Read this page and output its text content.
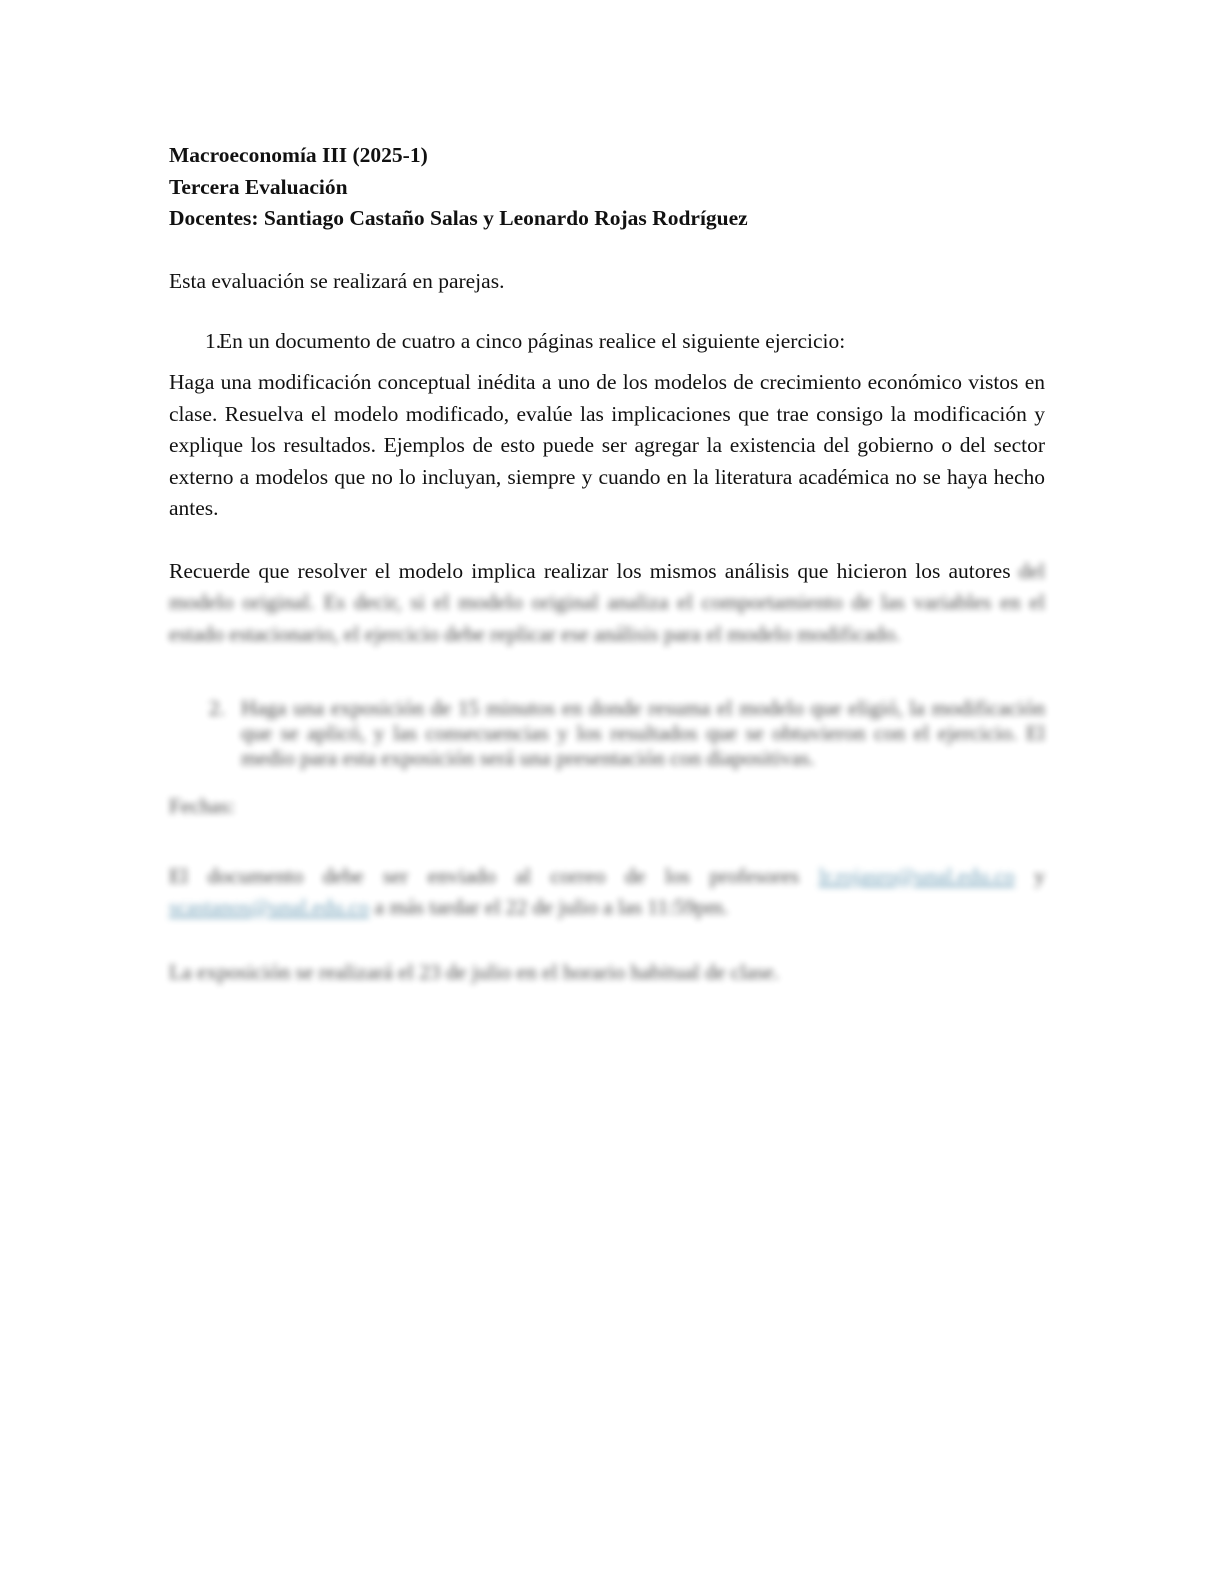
Macroeconomía III (2025-1)

Tercera Evaluación

Docentes: Santiago Castaño Salas y Leonardo Rojas Rodríguez

Esta evaluación se realizará en parejas.

1.
En un documento de cuatro a cinco páginas realice el siguiente ejercicio:

Haga una modificación conceptual inédita a uno de los modelos de crecimiento económico vistos en clase. Resuelva el modelo modificado, evalúe las implicaciones que trae consigo la modificación y explique los resultados. Ejemplos de esto puede ser agregar la existencia del gobierno o del sector externo a modelos que no lo incluyan, siempre y cuando en la literatura académica no se haya hecho antes.

Recuerde que resolver el modelo implica realizar los mismos análisis que hicieron los autores del modelo original. Es decir, si el modelo original analiza el comportamiento de las variables en el estado estacionario, el ejercicio debe replicar ese análisis para el modelo modificado.

2. Haga una exposición de 15 minutos en donde resuma el modelo que eligió, la modificación que se aplicó, y las consecuencias y los resultados que se obtuvieron con el ejercicio. El medio para esta exposición será una presentación con diapositivas.

Fechas:

El documento debe ser enviado al correo de los profesores lr.rojasro@unal.edu.co y scastanos@unal.edu.co a más tardar el 22 de julio a las 11:59pm.

La exposición se realizará el 23 de julio en el horario habitual de clase.
